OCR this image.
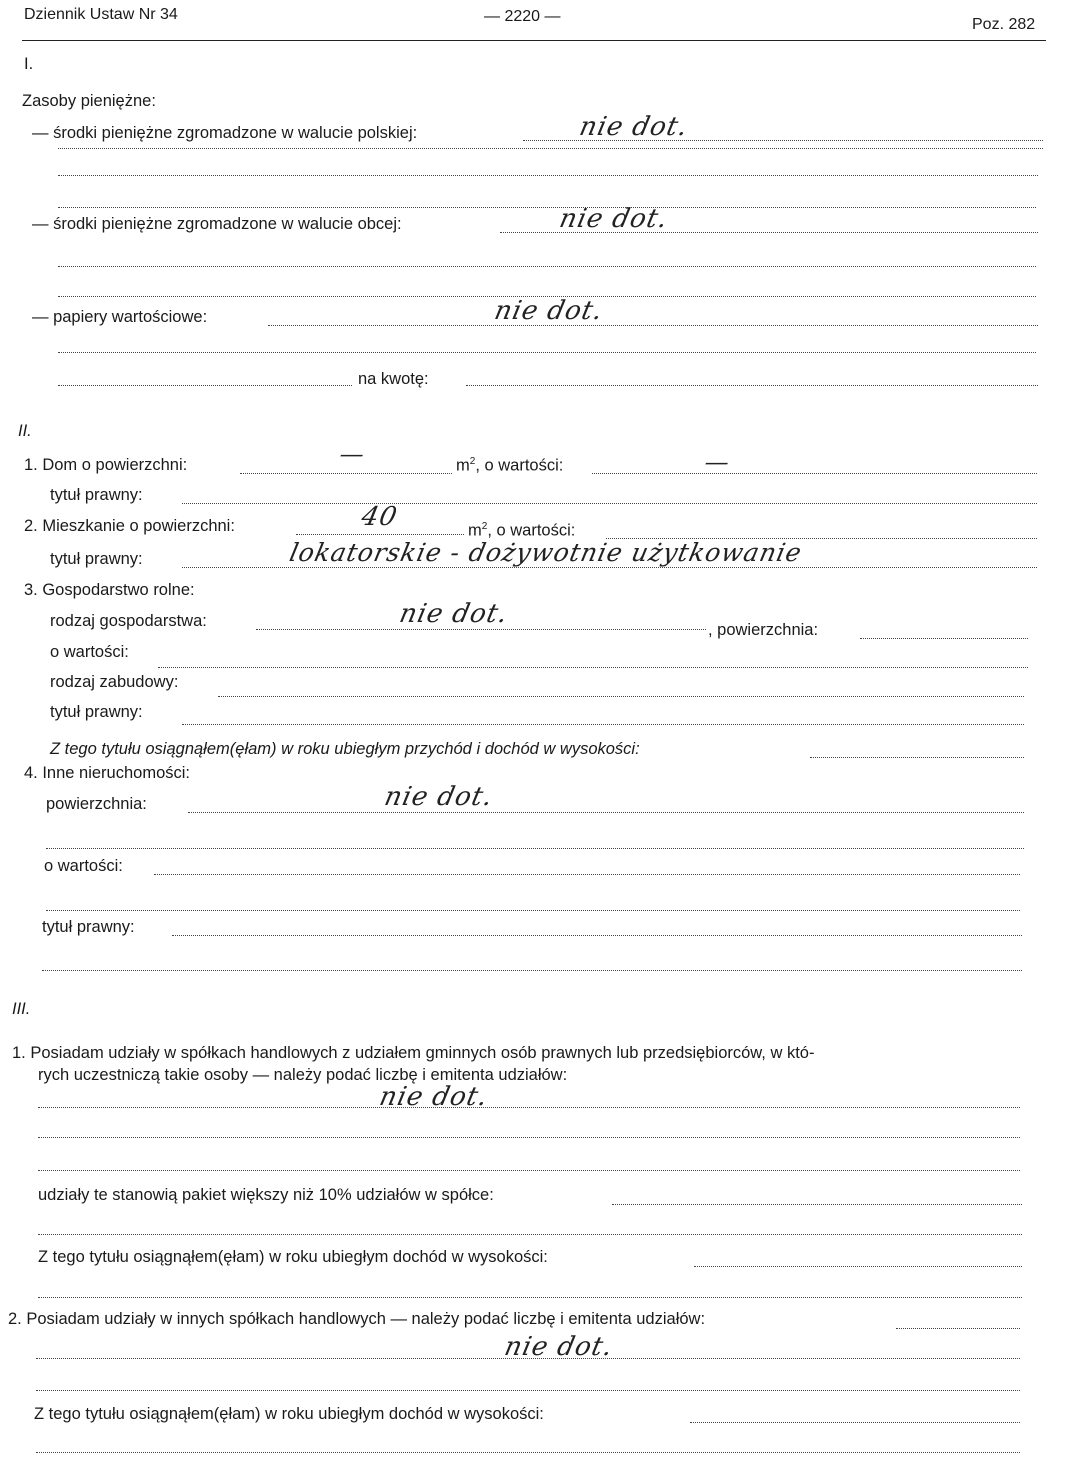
Dziennik Ustaw Nr 34	— 2220 —	Poz. 282
I.
Zasoby pieniężne:
— środki pieniężne zgromadzone w walucie polskiej:	nie dot.
— środki pieniężne zgromadzone w walucie obcej:	nie dot.
— papiery wartościowe:	nie dot.
na kwotę:
II.
1. Dom o powierzchni:	—	$m^2$, o wartości:	—
tytuł prawny:
2. Mieszkanie o powierzchni:	40	$m^2$, o wartości:
tytuł prawny:	lokatorskie - dożywotnie użytkowanie
3. Gospodarstwo rolne:
rodzaj gospodarstwa:	nie dot.
, powierzchnia:
o wartości:
rodzaj zabudowy:
tytuł prawny:
Z tego tytułu osiągnąłem(ęłam) w roku ubiegłym przychód i dochód w wysokości:
4. Inne nieruchomości:
powierzchnia:	nie dot.
o wartości:
tytuł prawny:
III.
1. Posiadam udziały w spółkach handlowych z udziałem gminnych osób prawnych lub przedsiębiorców, w któ-
rych uczestniczą takie osoby — należy podać liczbę i emitenta udziałów:
nie dot.
udziały te stanowią pakiet większy niż 10% udziałów w spółce:
Z tego tytułu osiągnąłem(ęłam) w roku ubiegłym dochód w wysokości:
2. Posiadam udziały w innych spółkach handlowych — należy podać liczbę i emitenta udziałów:
nie dot.
Z tego tytułu osiągnąłem(ęłam) w roku ubiegłym dochód w wysokości:
